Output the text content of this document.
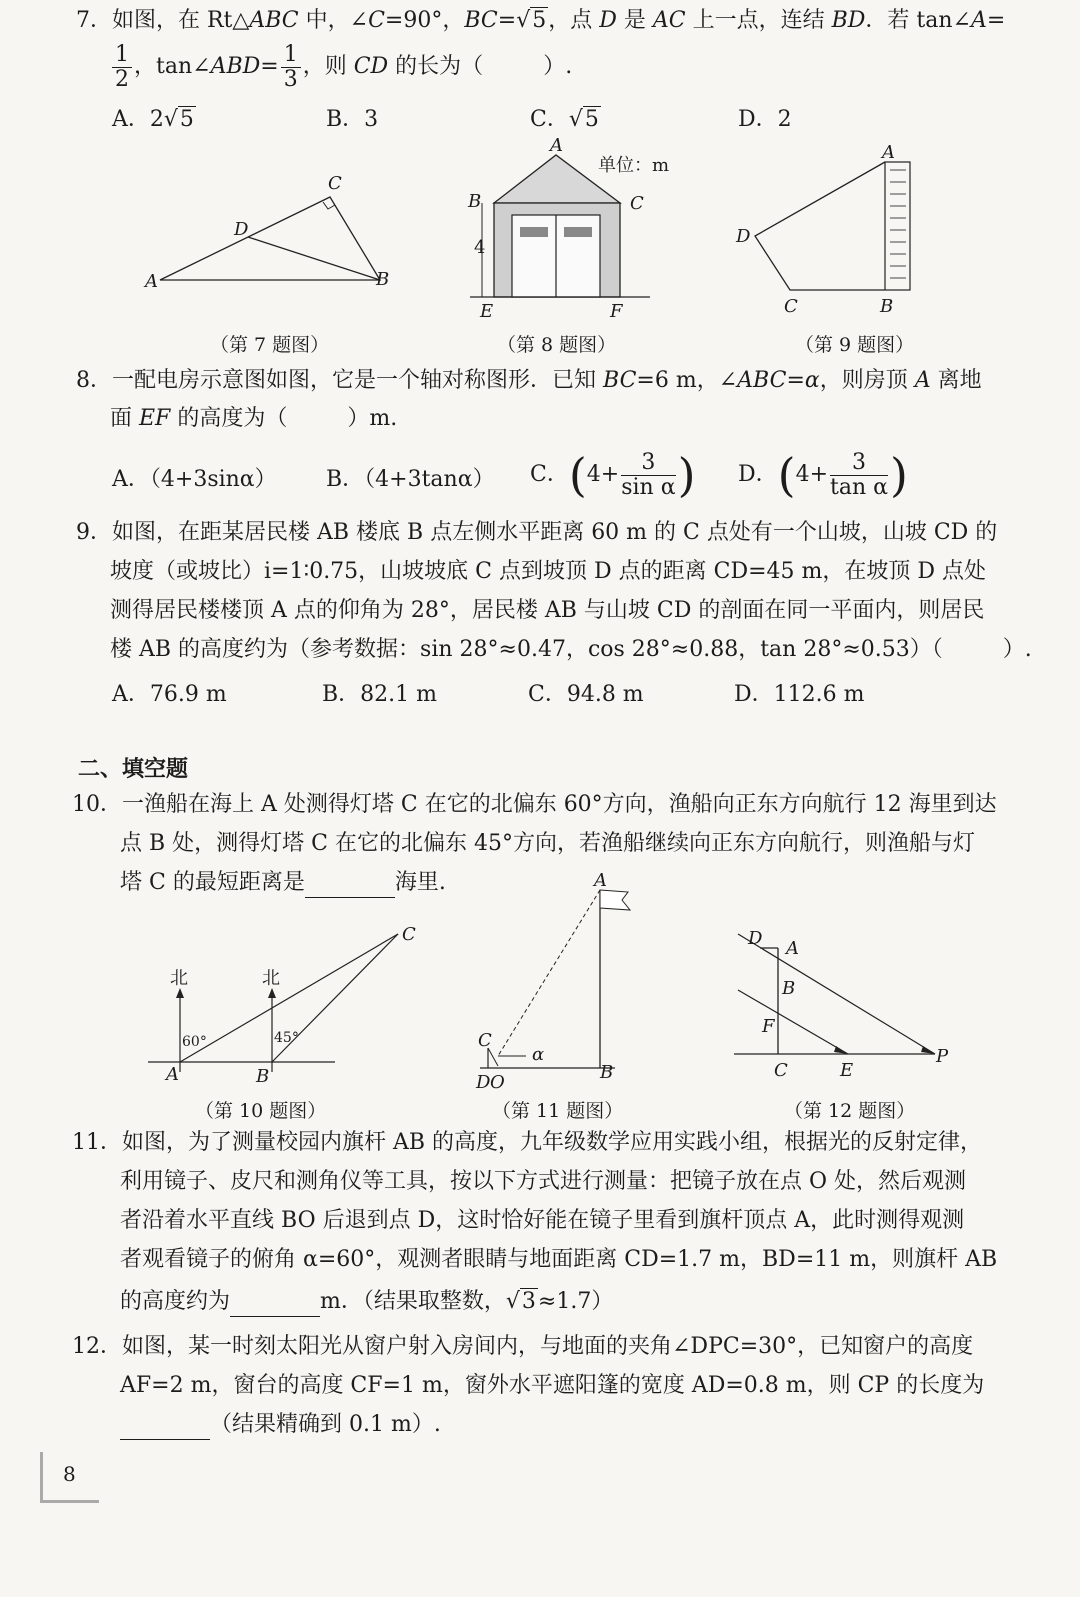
7．如图，在 Rt△ABC 中，∠C=90°，BC=√5，点 D 是 AC 上一点，连结 BD．若 tan∠A=
$\frac{1}{2}$ ，tan∠ABD= $\frac{1}{3}$ ，则 CD 的长为（	）.
A．2√5	B．3	C．√5	D．2
A	B
C
D
（第 7 题图）
A
B	C
4
E	F
单位：m
（第 8 题图）
A
B
C
D
（第 9 题图）
8．一配电房示意图如图，它是一个轴对称图形．已知 BC=6 m，∠ABC=α，则房顶 A 离地
面 EF 的高度为（	）m.
A．（4+3sinα） B．（4+3tanα） C．($4+ \frac{3}{\text{sin α}}$ ) D．($4+ \frac{3}{\text{tan α}}$ )
9．如图，在距某居民楼 AB 楼底 B 点左侧水平距离 60 m 的 C 点处有一个山坡，山坡 CD 的
坡度（或坡比）i=1∶0.75，山坡坡底 C 点到坡顶 D 点的距离 CD=45 m，在坡顶 D 点处
测得居民楼楼顶 A 点的仰角为 28°，居民楼 AB 与山坡 CD 的剖面在同一平面内，则居民
楼 AB 的高度约为（参考数据：sin 28°≈0.47，cos 28°≈0.88，tan 28°≈0.53）（	）.
A．76.9 m	B．82.1 m	C．94.8 m	D．112.6 m
二、填空题
10．一渔船在海上 A 处测得灯塔 C 在它的北偏东 60°方向，渔船向正东方向航行 12 海里到达
点 B 处，测得灯塔 C 在它的北偏东 45°方向，若渔船继续向正东方向航行，则渔船与灯
塔 C 的最短距离是	海里.
北	北
60°	45°
A	B
C
（第 10 题图）
C
D O
α
A
B
（第 11 题图）
D A
B
F
C	E
P
（第 12 题图）
11．如图，为了测量校园内旗杆 AB 的高度，九年级数学应用实践小组，根据光的反射定律，
利用镜子、皮尺和测角仪等工具，按以下方式进行测量：把镜子放在点 O 处，然后观测
者沿着水平直线 BO 后退到点 D，这时恰好能在镜子里看到旗杆顶点 A，此时测得观测
者观看镜子的俯角 α=60°，观测者眼睛与地面距离 CD=1.7 m，BD=11 m，则旗杆 AB
的高度约为	m．（结果取整数，√3≈1.7）
12．如图，某一时刻太阳光从窗户射入房间内，与地面的夹角∠DPC=30°，已知窗户的高度
AF=2 m，窗台的高度 CF=1 m，窗外水平遮阳篷的宽度 AD=0.8 m，则 CP 的长度为
（结果精确到 0.1 m）.
8
